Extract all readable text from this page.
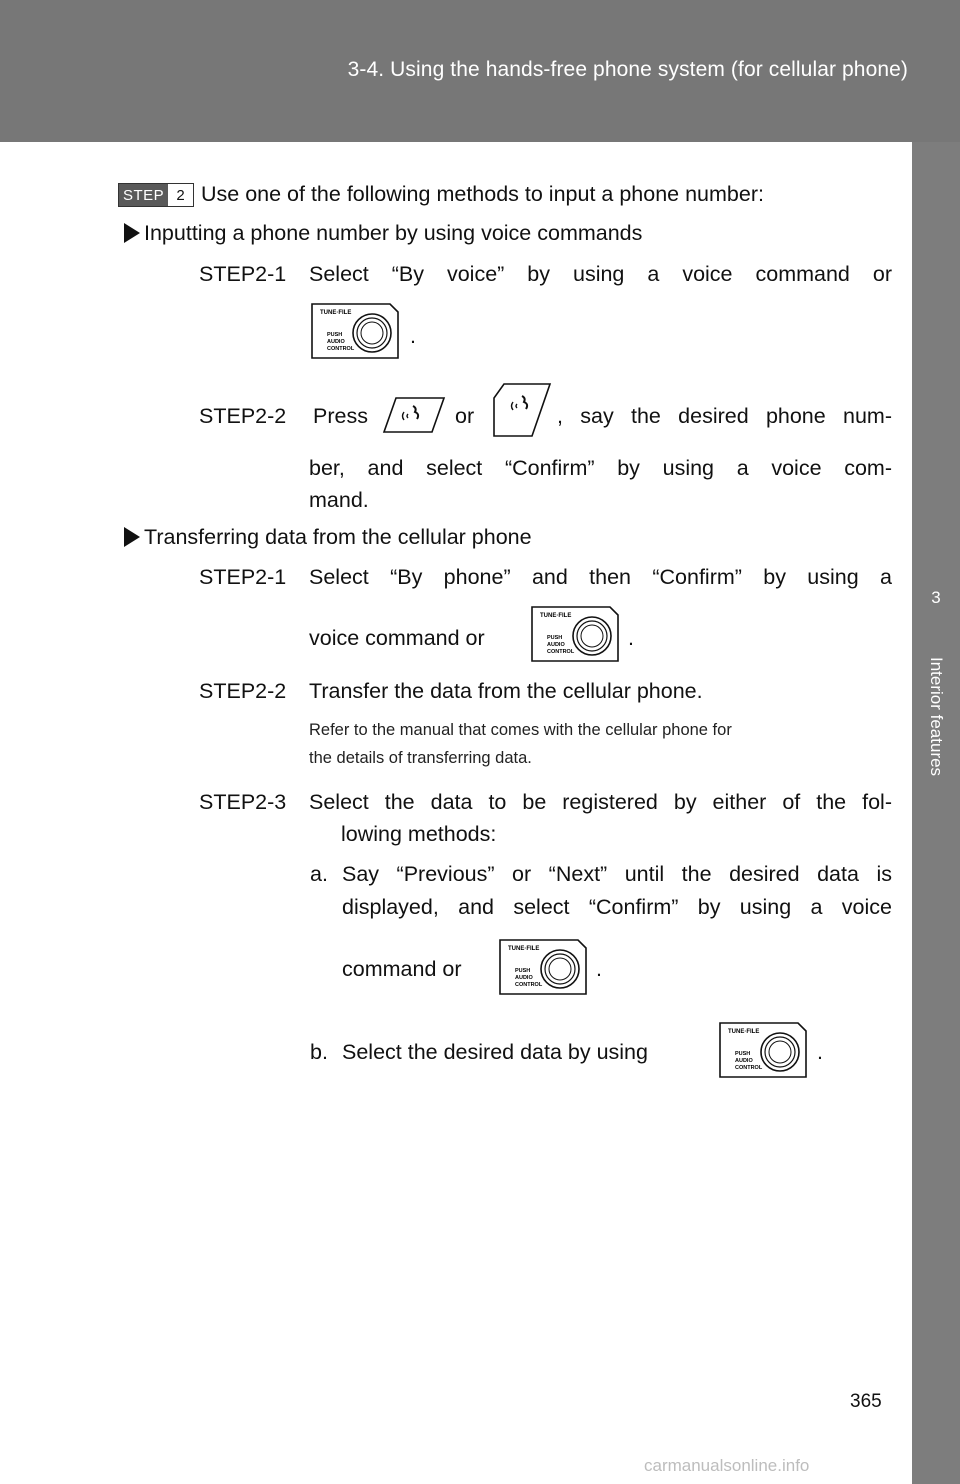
3-4. Using the hands-free phone system (for cellular phone)
3
Interior features
STEP 2 Use one of the following methods to input a phone number:
Inputting a phone number by using voice commands
STEP2-1 Select “By voice” by using a voice command or
TUNE·FILE
PUSH
AUDIO
CONTROL
.
STEP2-2 Press	or	, say the desired phone num-
ber, and select “Confirm” by using a voice com-
mand.
Transferring data from the cellular phone
STEP2-1 Select “By phone” and then “Confirm” by using a
voice command or
TUNE·FILE
PUSH
AUDIO
CONTROL
.
STEP2-2 Transfer the data from the cellular phone.
Refer to the manual that comes with the cellular phone for
the details of transferring data.
STEP2-3 Select the data to be registered by either of the fol-
lowing methods:
a. Say “Previous” or “Next” until the desired data is
displayed, and select “Confirm” by using a voice
command or
TUNE·FILE
PUSH
AUDIO
CONTROL
.
b. Select the desired data by using
TUNE·FILE
PUSH
AUDIO
CONTROL
.
365
carmanualsonline.info
